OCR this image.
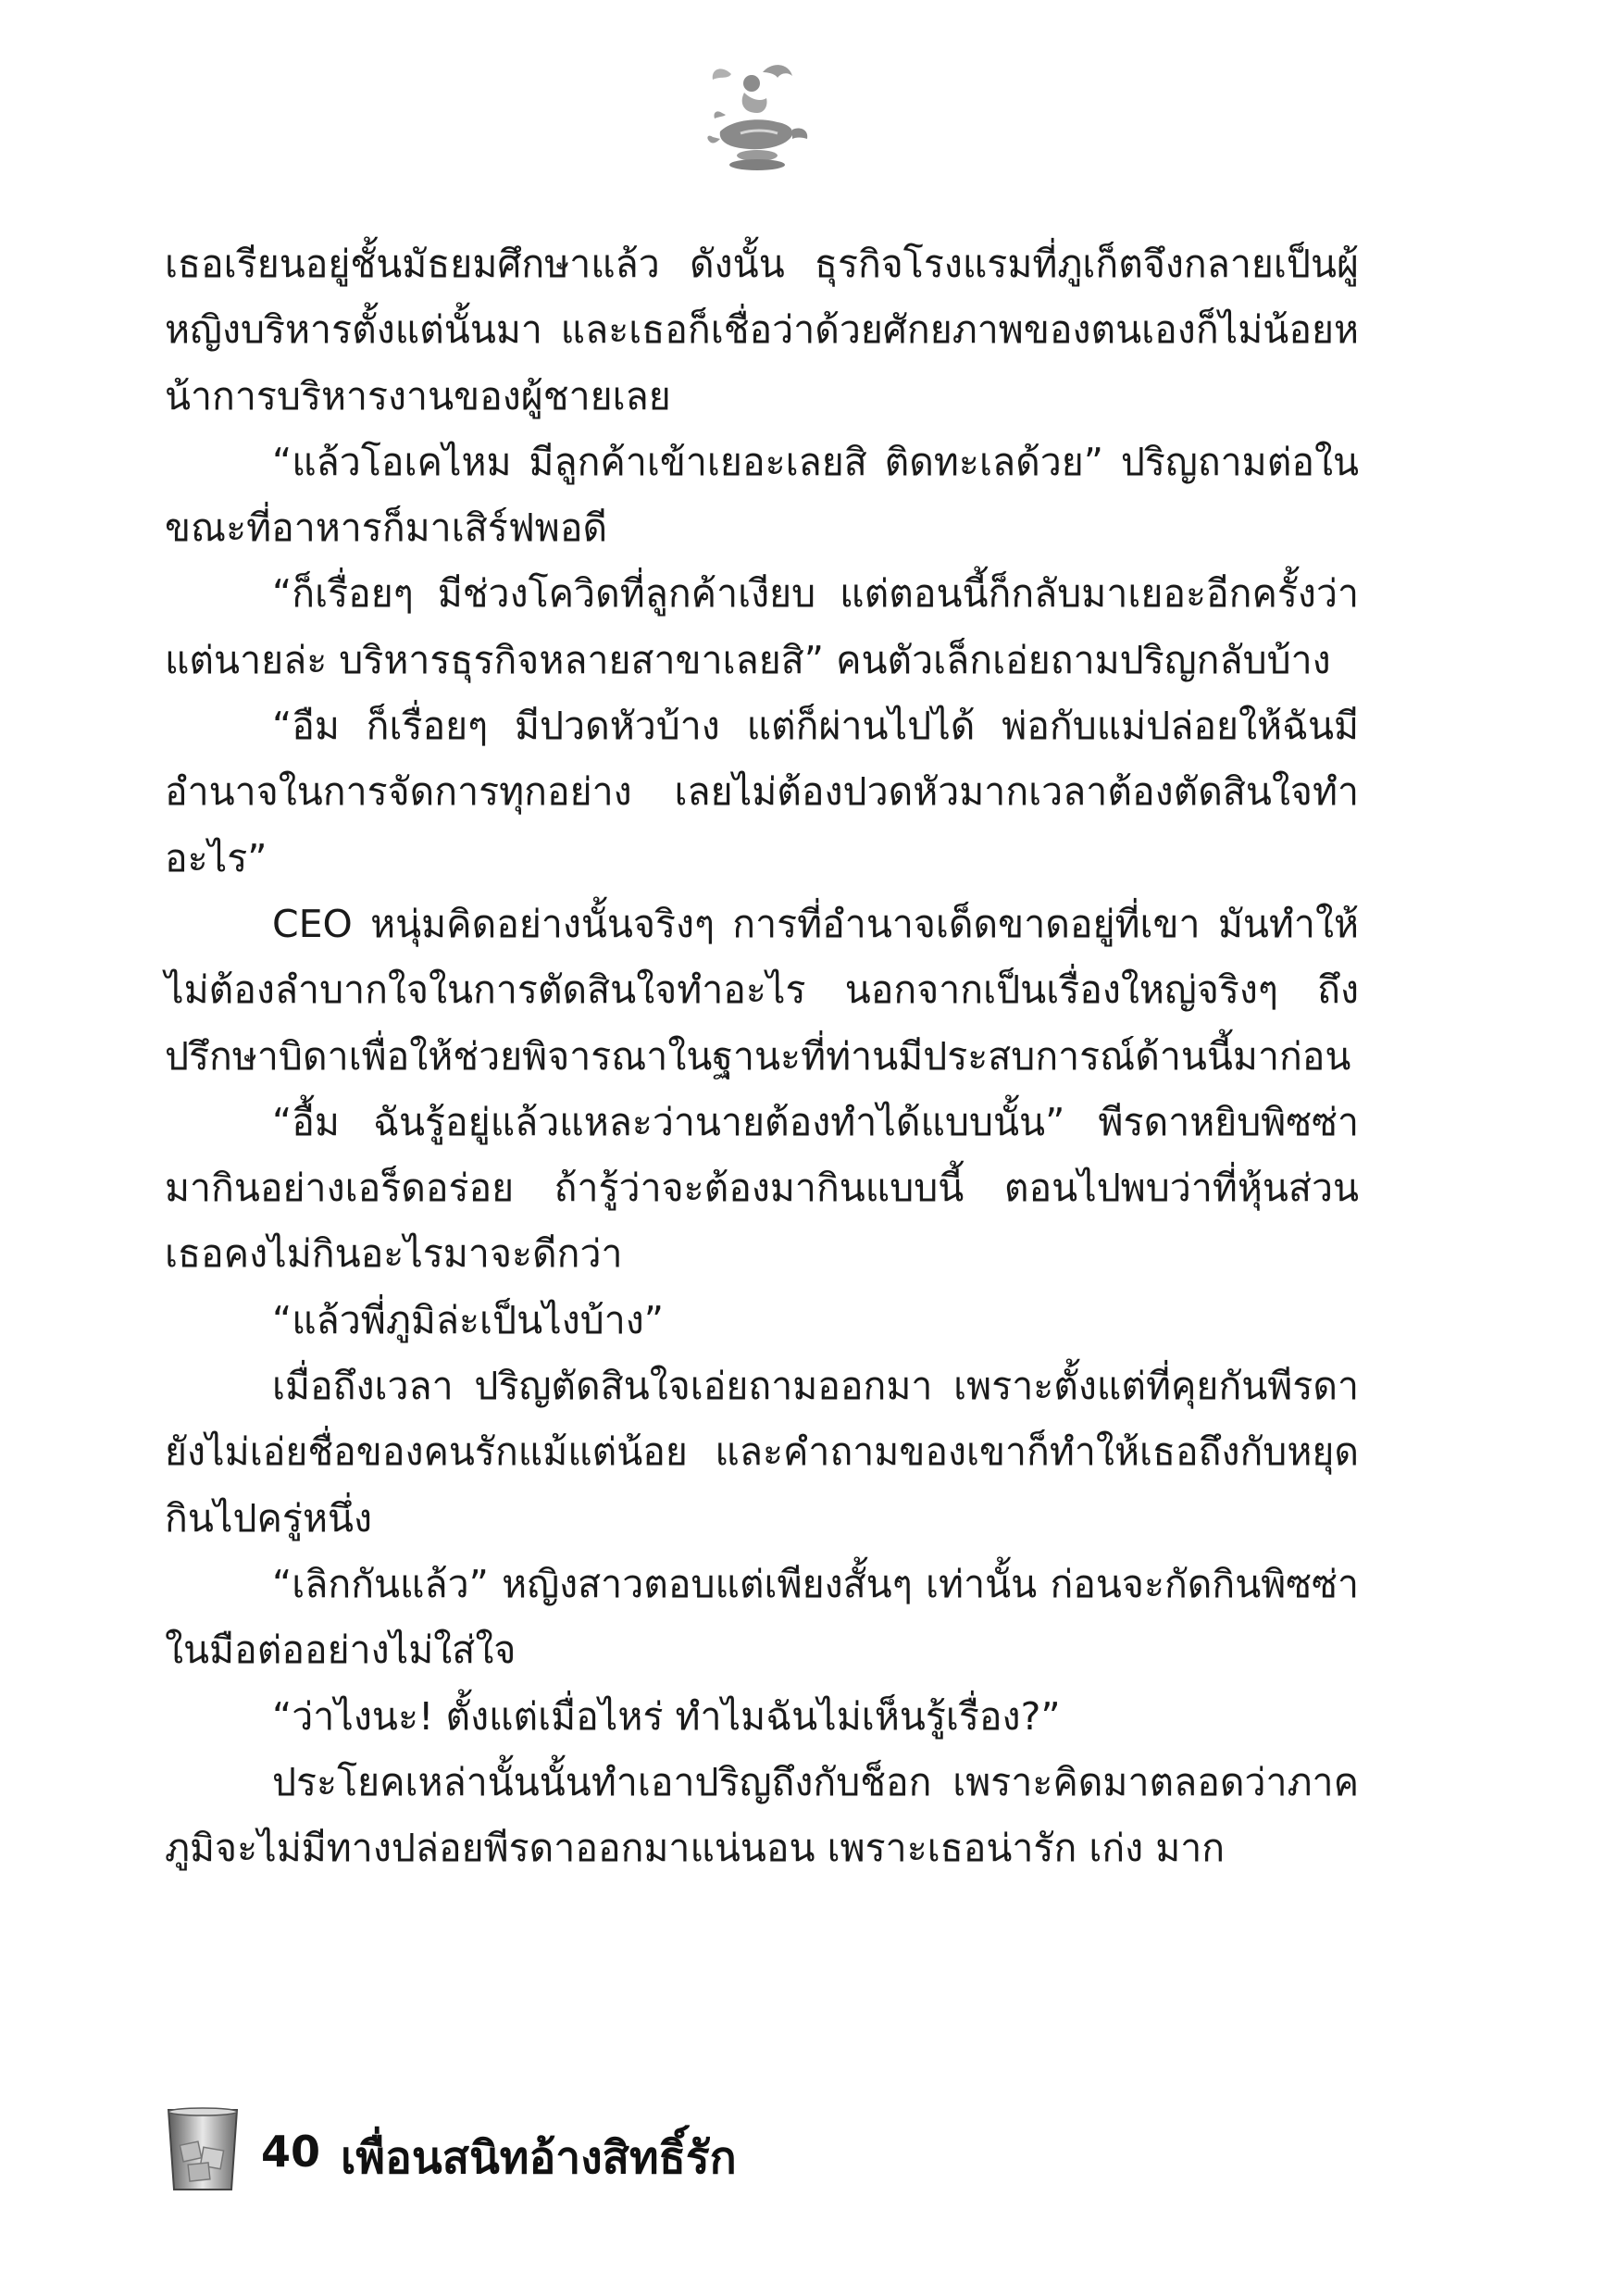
เธอเรียนอยู่ชั้นมัธยมศึกษาแล้ว ดังนั้น ธุรกิจโรงแรมที่ภูเก็ตจึงกลายเป็นผู้หญิงบริหารตั้งแต่นั้นมา และเธอก็เชื่อว่าด้วยศักยภาพของตนเองก็ไม่น้อยหน้าการบริหารงานของผู้ชายเลย

“แล้วโอเคไหม มีลูกค้าเข้าเยอะเลยสิ ติดทะเลด้วย” ปริญถามต่อในขณะที่อาหารก็มาเสิร์ฟพอดี

“ก็เรื่อยๆ มีช่วงโควิดที่ลูกค้าเงียบ แต่ตอนนี้ก็กลับมาเยอะอีกครั้งว่าแต่นายล่ะ บริหารธุรกิจหลายสาขาเลยสิ” คนตัวเล็กเอ่ยถามปริญกลับบ้าง

“อืม ก็เรื่อยๆ มีปวดหัวบ้าง แต่ก็ผ่านไปได้ พ่อกับแม่ปล่อยให้ฉันมีอำนาจในการจัดการทุกอย่าง เลยไม่ต้องปวดหัวมากเวลาต้องตัดสินใจทำอะไร”

CEO หนุ่มคิดอย่างนั้นจริงๆ การที่อำนาจเด็ดขาดอยู่ที่เขา มันทำให้ไม่ต้องลำบากใจในการตัดสินใจทำอะไร นอกจากเป็นเรื่องใหญ่จริงๆ ถึงปรึกษาบิดาเพื่อให้ช่วยพิจารณาในฐานะที่ท่านมีประสบการณ์ด้านนี้มาก่อน

“อื้ม ฉันรู้อยู่แล้วแหละว่านายต้องทำได้แบบนั้น” พีรดาหยิบพิซซ่ามากินอย่างเอร็ดอร่อย ถ้ารู้ว่าจะต้องมากินแบบนี้ ตอนไปพบว่าที่หุ้นส่วนเธอคงไม่กินอะไรมาจะดีกว่า

“แล้วพี่ภูมิล่ะเป็นไงบ้าง”

เมื่อถึงเวลา ปริญตัดสินใจเอ่ยถามออกมา เพราะตั้งแต่ที่คุยกันพีรดายังไม่เอ่ยชื่อของคนรักแม้แต่น้อย และคำถามของเขาก็ทำให้เธอถึงกับหยุดกินไปครู่หนึ่ง

“เลิกกันแล้ว” หญิงสาวตอบแต่เพียงสั้นๆ เท่านั้น ก่อนจะกัดกินพิซซ่าในมือต่ออย่างไม่ใส่ใจ

“ว่าไงนะ! ตั้งแต่เมื่อไหร่ ทำไมฉันไม่เห็นรู้เรื่อง?”

ประโยคเหล่านั้นนั้นทำเอาปริญถึงกับช็อก เพราะคิดมาตลอดว่าภาคภูมิจะไม่มีทางปล่อยพีรดาออกมาแน่นอน เพราะเธอน่ารัก เก่ง มาก

40 เพื่อนสนิทอ้างสิทธิ์รัก
